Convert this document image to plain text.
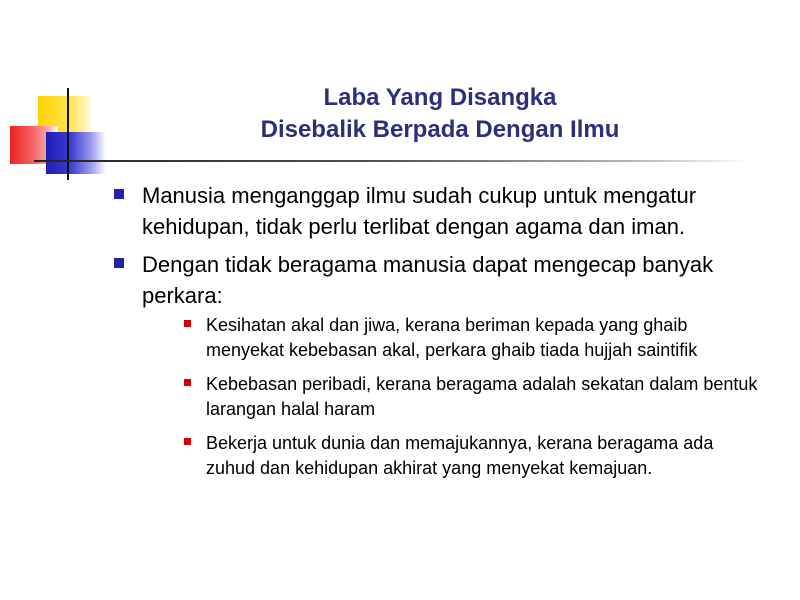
Laba Yang Disangka
Disebalik Berpada Dengan Ilmu
Manusia menganggap ilmu sudah cukup untuk mengatur kehidupan, tidak perlu terlibat dengan agama dan iman.
Dengan tidak beragama manusia dapat mengecap banyak perkara:
Kesihatan akal dan jiwa, kerana beriman kepada yang ghaib menyekat kebebasan akal, perkara ghaib tiada hujjah saintifik
Kebebasan peribadi, kerana beragama adalah sekatan dalam bentuk larangan halal haram
Bekerja untuk dunia dan memajukannya, kerana beragama ada zuhud dan kehidupan akhirat yang menyekat kemajuan.
